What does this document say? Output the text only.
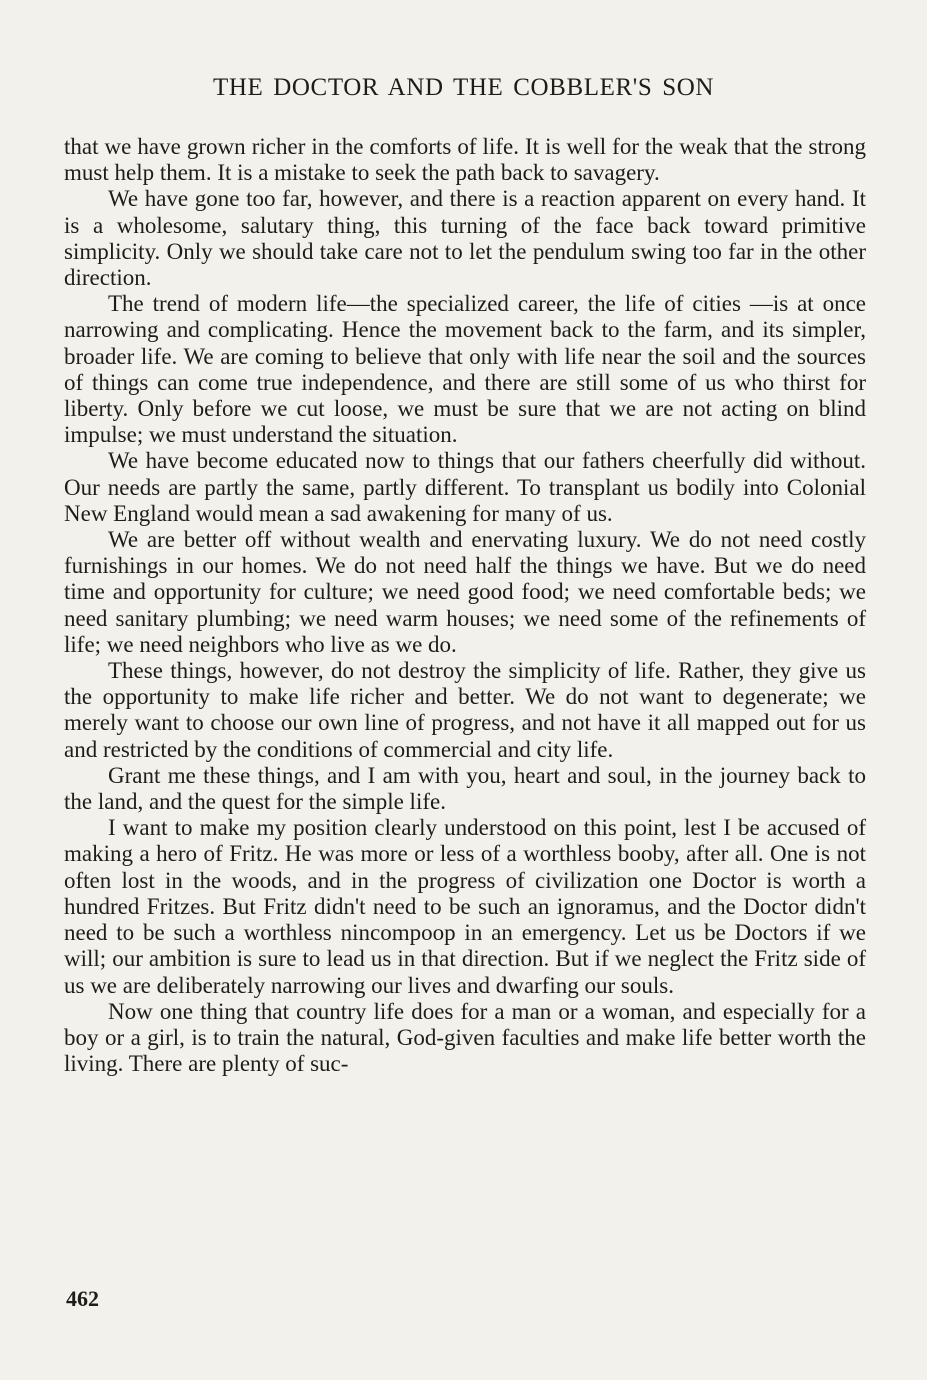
THE DOCTOR AND THE COBBLER'S SON

that we have grown richer in the comforts of life. It is well for the weak that the strong must help them. It is a mistake to seek the path back to savagery.

We have gone too far, however, and there is a reaction apparent on every hand. It is a wholesome, salutary thing, this turning of the face back toward primitive simplicity. Only we should take care not to let the pendulum swing too far in the other direction.

The trend of modern life—the specialized career, the life of cities —is at once narrowing and complicating. Hence the movement back to the farm, and its simpler, broader life. We are coming to believe that only with life near the soil and the sources of things can come true independence, and there are still some of us who thirst for liberty. Only before we cut loose, we must be sure that we are not acting on blind impulse; we must understand the situation.

We have become educated now to things that our fathers cheerfully did without. Our needs are partly the same, partly different. To transplant us bodily into Colonial New England would mean a sad awakening for many of us.

We are better off without wealth and enervating luxury. We do not need costly furnishings in our homes. We do not need half the things we have. But we do need time and opportunity for culture; we need good food; we need comfortable beds; we need sanitary plumbing; we need warm houses; we need some of the refinements of life; we need neighbors who live as we do.

These things, however, do not destroy the simplicity of life. Rather, they give us the opportunity to make life richer and better. We do not want to degenerate; we merely want to choose our own line of progress, and not have it all mapped out for us and restricted by the conditions of commercial and city life.

Grant me these things, and I am with you, heart and soul, in the journey back to the land, and the quest for the simple life.

I want to make my position clearly understood on this point, lest I be accused of making a hero of Fritz. He was more or less of a worthless booby, after all. One is not often lost in the woods, and in the progress of civilization one Doctor is worth a hundred Fritzes. But Fritz didn't need to be such an ignoramus, and the Doctor didn't need to be such a worthless nincompoop in an emergency. Let us be Doctors if we will; our ambition is sure to lead us in that direction. But if we neglect the Fritz side of us we are deliberately narrowing our lives and dwarfing our souls.

Now one thing that country life does for a man or a woman, and especially for a boy or a girl, is to train the natural, God-given faculties and make life better worth the living. There are plenty of suc-

462
